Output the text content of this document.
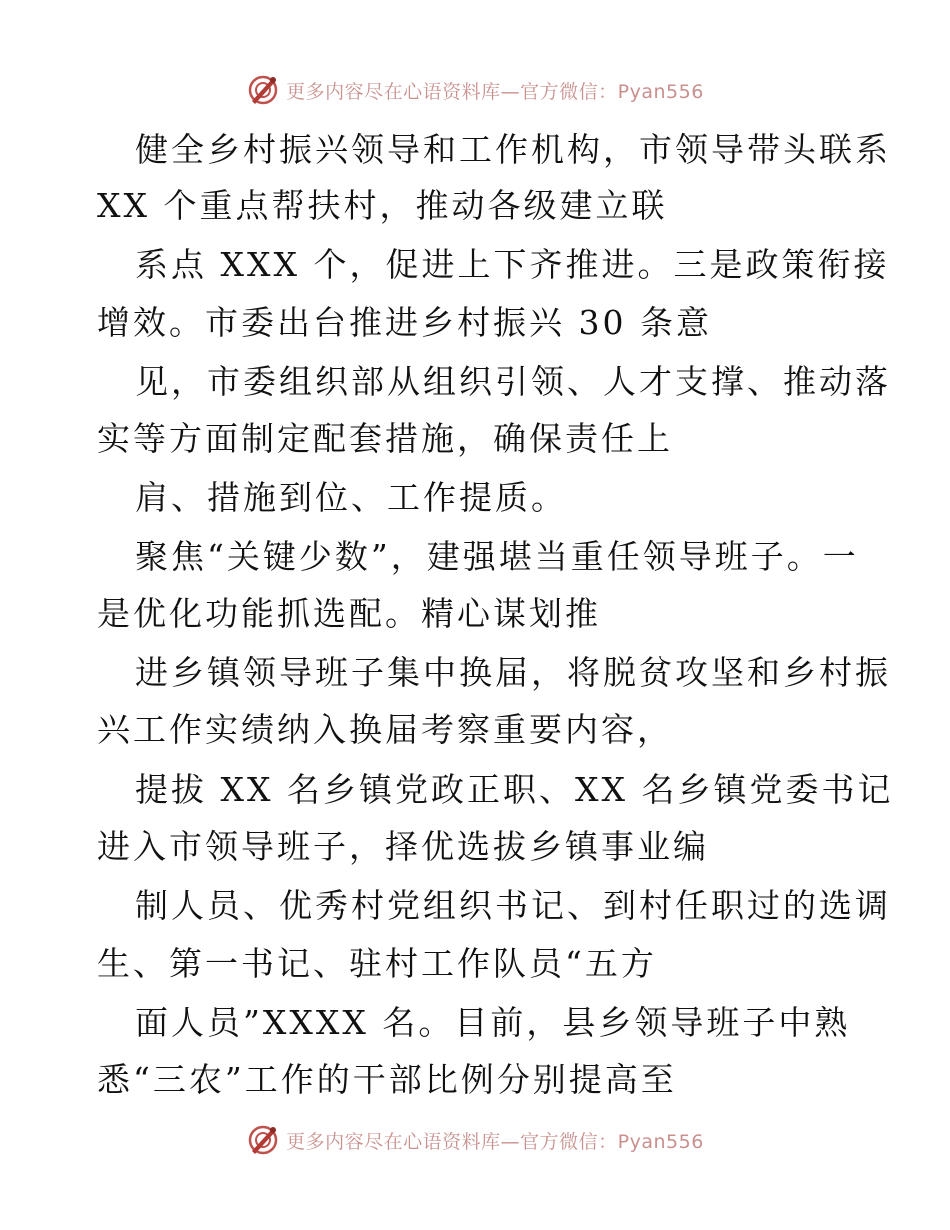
更多内容尽在心语资料库—官方微信：Pyan556
健全乡村振兴领导和工作机构，市领导带头联系
XX 个重点帮扶村，推动各级建立联
系点 XXX 个，促进上下齐推进。三是政策衔接
增效。市委出台推进乡村振兴 30 条意
见，市委组织部从组织引领、人才支撑、推动落
实等方面制定配套措施，确保责任上
肩、措施到位、工作提质。
聚焦“关键少数”，建强堪当重任领导班子。一
是优化功能抓选配。精心谋划推
进乡镇领导班子集中换届，将脱贫攻坚和乡村振
兴工作实绩纳入换届考察重要内容，
提拔 XX 名乡镇党政正职、XX 名乡镇党委书记
进入市领导班子，择优选拔乡镇事业编
制人员、优秀村党组织书记、到村任职过的选调
生、第一书记、驻村工作队员“五方
面人员”XXXX 名。目前，县乡领导班子中熟
悉“三农”工作的干部比例分别提高至
更多内容尽在心语资料库—官方微信：Pyan556
